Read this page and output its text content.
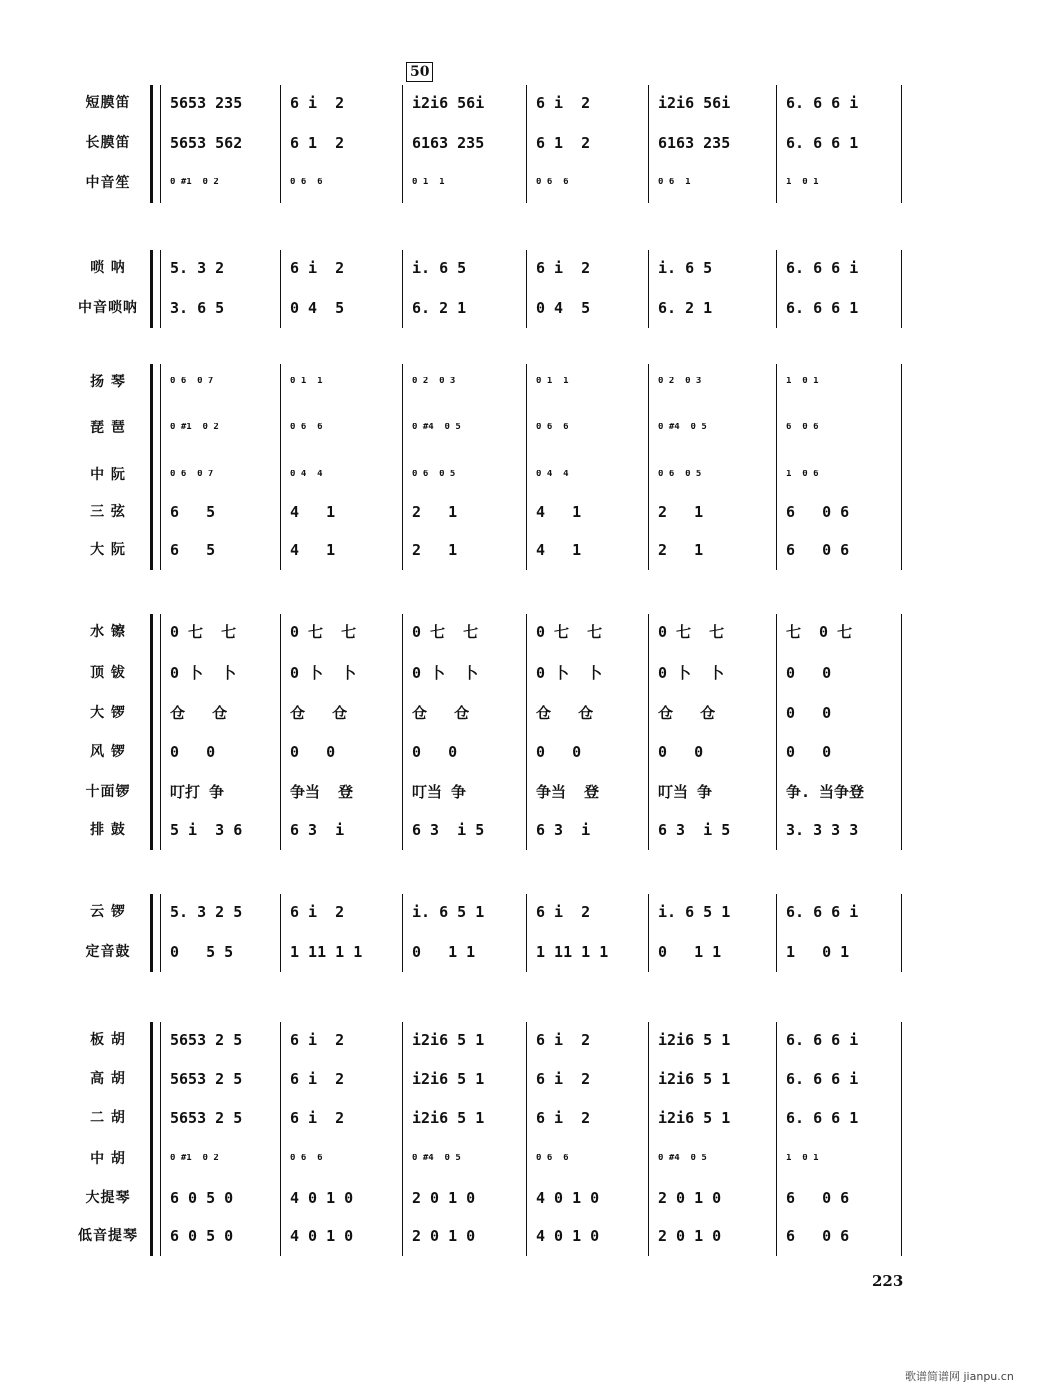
50
短膜笛	5653 235	6 i  2	i2i6 56i	6 i  2	i2i6 56i	6. 6 6 i
长膜笛	5653 562	6 1  2	6163 235	6 1  2	6163 235	6. 6 6 1
中音笙	0 #1  0 2	0 6  6	0 1  1	0 6  6	0 6  1	1  0 1
唢 呐	5. 3 2	6 i  2	i. 6 5	6 i  2	i. 6 5	6. 6 6 i
中音唢呐	3. 6 5	0 4  5	6. 2 1	0 4  5	6. 2 1	6. 6 6 1
扬 琴	0 6  0 7	0 1  1	0 2  0 3	0 1  1	0 2  0 3	1  0 1
琵 琶	0 #1  0 2	0 6  6	0 #4  0 5	0 6  6	0 #4  0 5	6  0 6
中 阮	0 6  0 7	0 4  4	0 6  0 5	0 4  4	0 6  0 5	1  0 6
三 弦	6   5	4   1	2   1	4   1	2   1	6   0 6
大 阮	6   5	4   1	2   1	4   1	2   1	6   0 6
水 镲	0 七  七	0 七  七	0 七  七	0 七  七	0 七  七	七  0 七
顶 钹	0 卜  卜	0 卜  卜	0 卜  卜	0 卜  卜	0 卜  卜	0   0
大 锣	仓   仓	仓   仓	仓   仓	仓   仓	仓   仓	0   0
风 锣	0   0	0   0	0   0	0   0	0   0	0   0
十面锣	叮打 争	争当  登	叮当 争	争当  登	叮当 争	争. 当争登
排 鼓	5 i  3 6	6 3  i	6 3  i 5	6 3  i	6 3  i 5	3. 3 3 3
云 锣	5. 3 2 5	6 i  2	i. 6 5 1	6 i  2	i. 6 5 1	6. 6 6 i
定音鼓	0   5 5	1 11 1 1	0   1 1	1 11 1 1	0   1 1	1   0 1
板 胡	5653 2 5	6 i  2	i2i6 5 1	6 i  2	i2i6 5 1	6. 6 6 i
高 胡	5653 2 5	6 i  2	i2i6 5 1	6 i  2	i2i6 5 1	6. 6 6 i
二 胡	5653 2 5	6 i  2	i2i6 5 1	6 i  2	i2i6 5 1	6. 6 6 1
中 胡	0 #1  0 2	0 6  6	0 #4  0 5	0 6  6	0 #4  0 5	1  0 1
大提琴	6 0 5 0	4 0 1 0	2 0 1 0	4 0 1 0	2 0 1 0	6   0 6
低音提琴	6 0 5 0	4 0 1 0	2 0 1 0	4 0 1 0	2 0 1 0	6   0 6
223
歌谱简谱网 jianpu.cn
